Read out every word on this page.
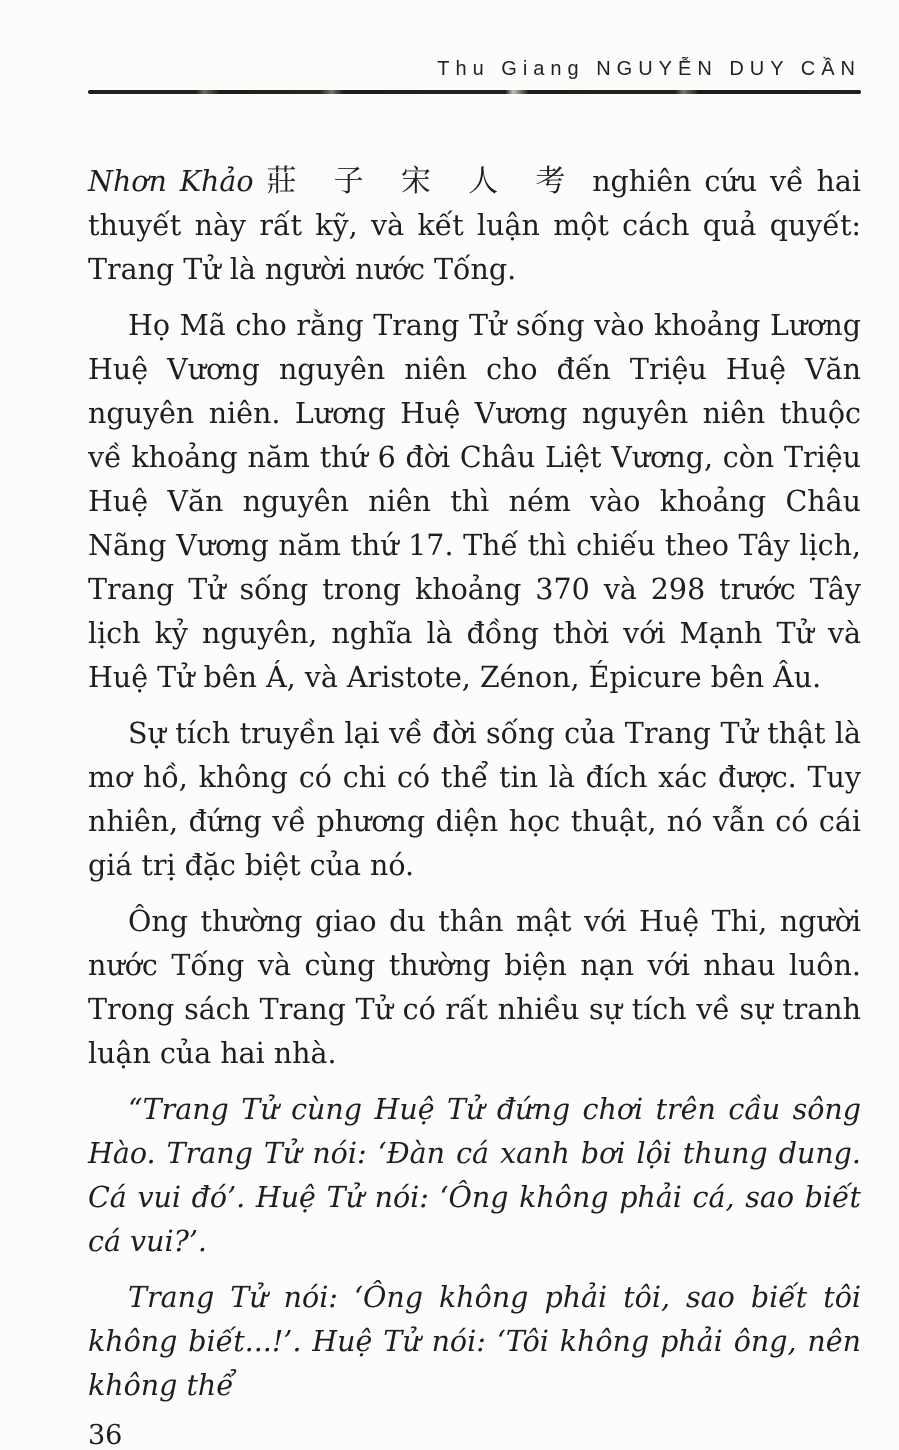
Thu Giang NGUYỄN DUY CẦN

Nhơn Khảo 莊 子 宋 人 考 nghiên cứu về hai thuyết này rất kỹ, và kết luận một cách quả quyết: Trang Tử là người nước Tống.

Họ Mã cho rằng Trang Tử sống vào khoảng Lương Huệ Vương nguyên niên cho đến Triệu Huệ Văn nguyên niên. Lương Huệ Vương nguyên niên thuộc về khoảng năm thứ 6 đời Châu Liệt Vương, còn Triệu Huệ Văn nguyên niên thì ném vào khoảng Châu Nãng Vương năm thứ 17. Thế thì chiếu theo Tây lịch, Trang Tử sống trong khoảng 370 và 298 trước Tây lịch kỷ nguyên, nghĩa là đồng thời với Mạnh Tử và Huệ Tử bên Á, và Aristote, Zénon, Épicure bên Âu.

Sự tích truyền lại về đời sống của Trang Tử thật là mơ hồ, không có chi có thể tin là đích xác được. Tuy nhiên, đứng về phương diện học thuật, nó vẫn có cái giá trị đặc biệt của nó.

Ông thường giao du thân mật với Huệ Thi, người nước Tống và cùng thường biện nạn với nhau luôn. Trong sách Trang Tử có rất nhiều sự tích về sự tranh luận của hai nhà.

“Trang Tử cùng Huệ Tử đứng chơi trên cầu sông Hào. Trang Tử nói: ‘Đàn cá xanh bơi lội thung dung. Cá vui đó’. Huệ Tử nói: ‘Ông không phải cá, sao biết cá vui?’.

Trang Tử nói: ‘Ông không phải tôi, sao biết tôi không biết...!’. Huệ Tử nói: ‘Tôi không phải ông, nên không thể

36
